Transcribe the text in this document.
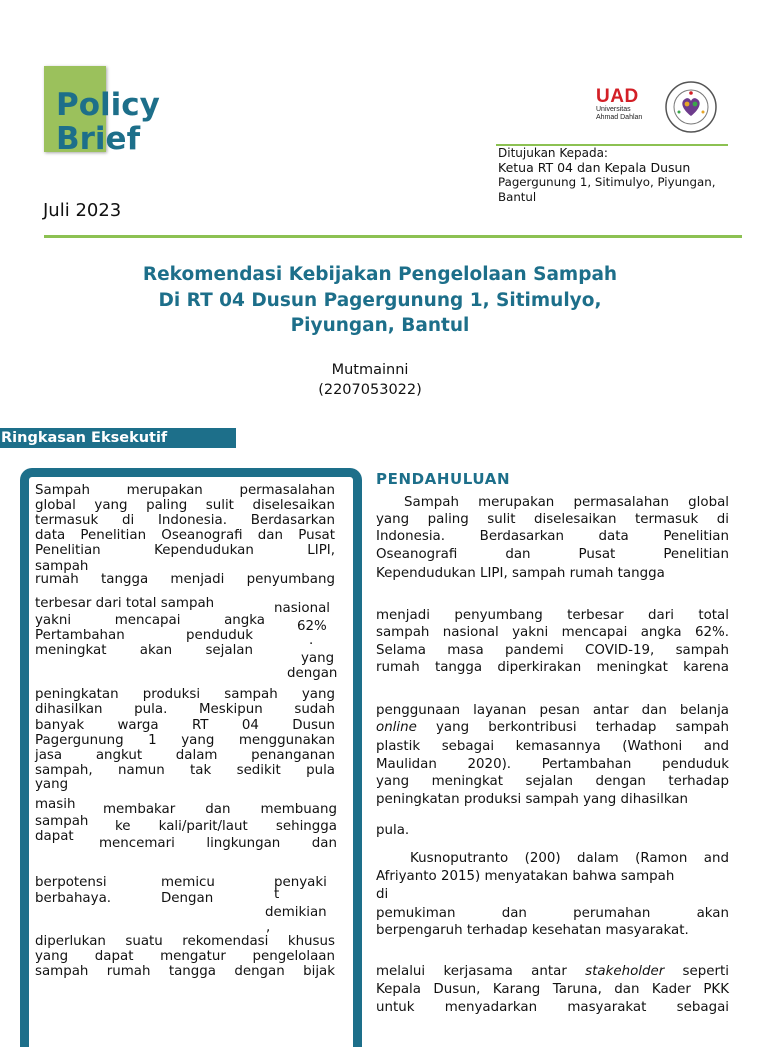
Policy
Brief
Juli 2023
UAD
Universitas
Ahmad Dahlan
Ditujukan Kepada:
Ketua RT 04 dan Kepala Dusun
Pagergunung 1, Sitimulyo, Piyungan,
Bantul
Rekomendasi Kebijakan Pengelolaan Sampah
Di RT 04 Dusun Pagergunung 1, Sitimulyo,
Piyungan, Bantul
Mutmainni
(2207053022)
Ringkasan Eksekutif
Sampah merupakan permasalahan
global yang paling sulit diselesaikan
termasuk di Indonesia. Berdasarkan
data Penelitian Oseanografi dan Pusat
Penelitian Kependudukan LIPI,
sampah
rumah tangga menjadi penyumbang
terbesar dari total sampah	nasional
yakni mencapai angka 62%
.
Pertambahan penduduk
meningkat akan sejalan
yang
dengan
peningkatan produksi sampah yang
dihasilkan pula. Meskipun sudah
banyak warga RT 04 Dusun
Pagergunung 1 yang menggunakan
jasa angkut dalam penanganan
sampah, namun tak sedikit pula
yang
masih
sampah
dapat
membakar dan membuang
ke kali/parit/laut sehingga
mencemari lingkungan dan
berpotensi	memicu	penyaki
t
berbahaya.	Dengan
demikian
,
diperlukan suatu rekomendasi khusus
yang dapat mengatur pengelolaan
sampah rumah tangga dengan bijak
PENDAHULUAN
Sampah merupakan permasalahan global
yang paling sulit diselesaikan termasuk di
Indonesia. Berdasarkan data Penelitian
Oseanografi dan Pusat Penelitian
Kependudukan LIPI, sampah rumah tangga
menjadi penyumbang terbesar dari total
sampah nasional yakni mencapai angka 62%.
Selama masa pandemi COVID-19, sampah
rumah tangga diperkirakan meningkat karena
penggunaan layanan pesan antar dan belanja
online yang berkontribusi terhadap sampah
plastik sebagai kemasannya (Wathoni and
Maulidan 2020). Pertambahan penduduk
yang meningkat sejalan dengan terhadap
peningkatan produksi sampah yang dihasilkan
pula.
Kusnoputranto (200) dalam (Ramon and
Afriyanto 2015) menyatakan bahwa sampah
di
pemukiman dan perumahan akan
berpengaruh terhadap kesehatan masyarakat.
melalui kerjasama antar stakeholder seperti
Kepala Dusun, Karang Taruna, dan Kader PKK
untuk menyadarkan masyarakat sebagai
